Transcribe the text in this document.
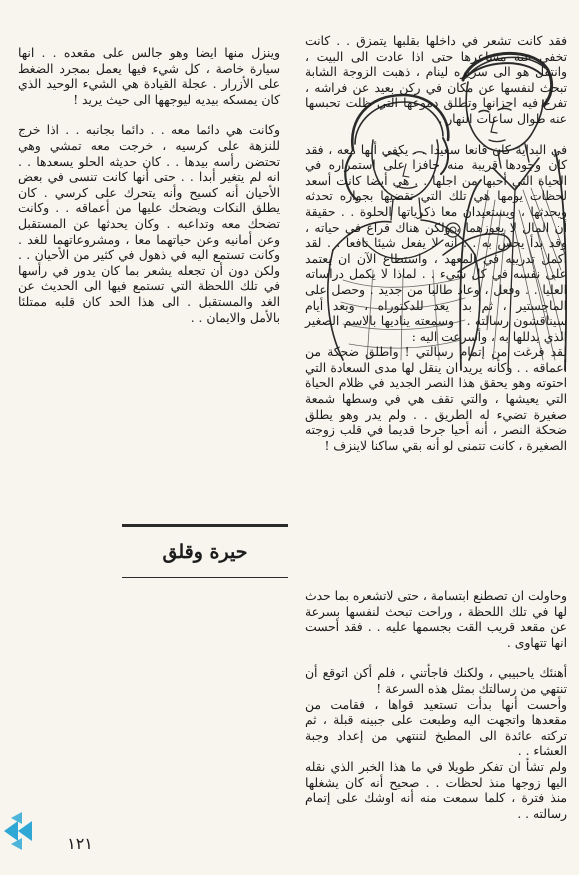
فقد كانت تشعر في داخلها بقلبها يتمزق . . كانت تخفي عنه مشاعرها حتى اذا عادت الى البيت ، وانتقل هو الى سريره لينام ، ذهبت الزوجة الشابة تبحث لنفسها عن مكان في ركن بعيد عن فراشه ، تفرغ فيه احزانها وتطلق دموعها التي ظلت تحبسها عنه طوال ساعات النهار .

في البداية كان قانعا سعيدا . . يكفي أنها معه ، فقد كان وجودها قريبة منه حافزا على استمراره في الحياة التي أحبها من اجلها . . هي أيضا كانت أسعد لحظات يومها هي تلك التي تقضيها بجواره تحدثه ويحدثها ، ويستعيدان معا ذكرياتها الحلوة . . حقيقة أن المال لا يعوزهما ، ولكن هناك فراغ في حياته ، وقد بدأ يحس به . . انه لا يفعل شيئا نافعا . . لقد اكمل تدريبه في المعهد ، واستطاع الآن ان يعتمد على نفسه في كل شيء . . لماذا لا يكمل دراساته العليا . . وفعل ، وعاد طالبا من جديد . وحصل على الماجستير ، ثم بدأ يعد للدكتوراه ، وبعد أيام سيناقشون رسالته . . وسمعته يناديها بالاسم الصغير الذي يدللها به ، وأسرعت اليه :

لقد فرغت من إتمام رسالتي ! واطلق ضحكة من أعماقه . . وكأنه يريد ان ينقل لها مدى السعادة التي احتوته وهو يحقق هذا النصر الجديد في ظلام الحياة التي يعيشها ، والتي تقف هي في وسطها شمعة صغيرة تضيء له الطريق . . ولم يدر وهو يطلق ضحكة النصر ، أنه أحيا جرحا قديما في قلب زوجته الصغيرة ، كانت تتمنى لو أنه بقي ساكنا لاينزف !

حيرة وقلق

وحاولت ان تصطنع ابتسامة ، حتى لاتشعره بما حدث لها في تلك اللحظة ، وراحت تبحث لنفسها بسرعة عن مقعد قريب القت بجسمها عليه . . فقد أحست انها تتهاوى .

أهنئك ياحبيبي ، ولكنك فاجأتني ، فلم أكن اتوقع أن تنتهي من رسالتك بمثل هذه السرعة !

وأحست أنها بدأت تستعيد قواها ، فقامت من مقعدها واتجهت اليه وطبعت على جبينه قبلة ، ثم تركته عائدة الى المطبخ لتنتهي من إعداد وجبة العشاء . .

ولم تشأ ان تفكر طويلا في ما هذا الخبر الذي نقله اليها زوجها منذ لحظات . . صحيح أنه كان يشغلها منذ فترة ، كلما سمعت منه أنه اوشك على إتمام رسالته . .

وينزل منها ايضا وهو جالس على مقعده . . انها سيارة خاصة ، كل شيء فيها يعمل بمجرد الضغط على الأزرار . عجلة القيادة هي الشيء الوحيد الذي كان يمسكه بيديه ليوجهها الى حيث يريد !

وكانت هي دائما معه . . دائما بجانبه . . اذا خرج للنزهة على كرسيه ، خرجت معه تمشي وهي تحتضن رأسه بيدها . . كان حديثه الحلو يسعدها . . انه لم يتغير أبدا . . حتى أنها كانت تنسى في بعض الأحيان أنه كسيح وأنه يتحرك على كرسي . كان يطلق النكات ويضحك عليها من أعماقه . . وكانت تضحك معه وتداعبه . وكان يحدثها عن المستقبل وعن أمانيه وعن حياتهما معا ، ومشروعاتهما للغد . وكانت تستمع اليه في ذهول في كثير من الأحيان . . ولكن دون أن تجعله يشعر بما كان يدور في رأسها في تلك اللحظة التي تستمع فيها الى الحديث عن الغد والمستقبل . الى هذا الحد كان قلبه ممتلئا بالأمل والايمان . .

١٢١
